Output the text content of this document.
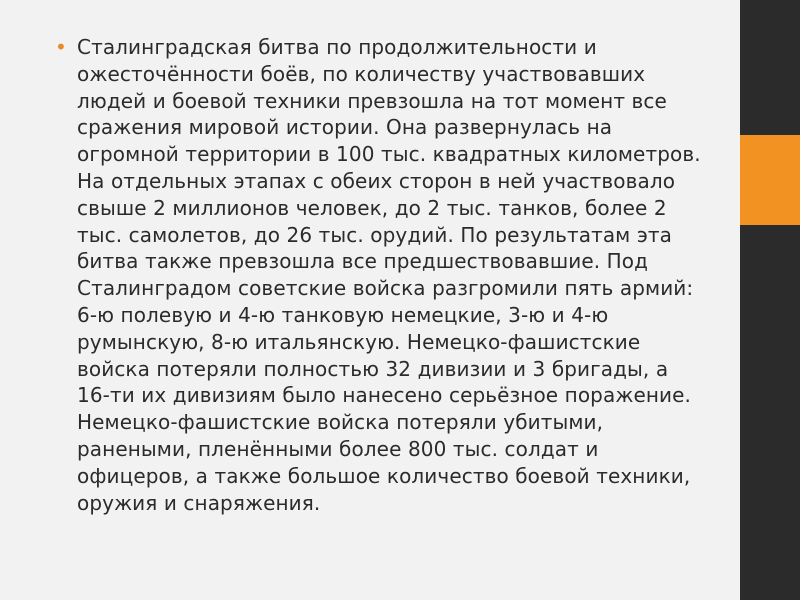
• Сталинградская битва по продолжительности и
ожесточённости боёв, по количеству участвовавших
людей и боевой техники превзошла на тот момент все
сражения мировой истории. Она развернулась на
огромной территории в 100 тыс. квадратных километров.
На отдельных этапах с обеих сторон в ней участвовало
свыше 2 миллионов человек, до 2 тыс. танков, более 2
тыс. самолетов, до 26 тыс. орудий. По результатам эта
битва также превзошла все предшествовавшие. Под
Сталинградом советские войска разгромили пять армий:
6-ю полевую и 4-ю танковую немецкие, 3-ю и 4-ю
румынскую, 8-ю итальянскую. Немецко-фашистские
войска потеряли полностью 32 дивизии и 3 бригады, а
16-ти их дивизиям было нанесено серьёзное поражение.
Немецко-фашистские войска потеряли убитыми,
ранеными, пленёнными более 800 тыс. солдат и
офицеров, а также большое количество боевой техники,
оружия и снаряжения.
